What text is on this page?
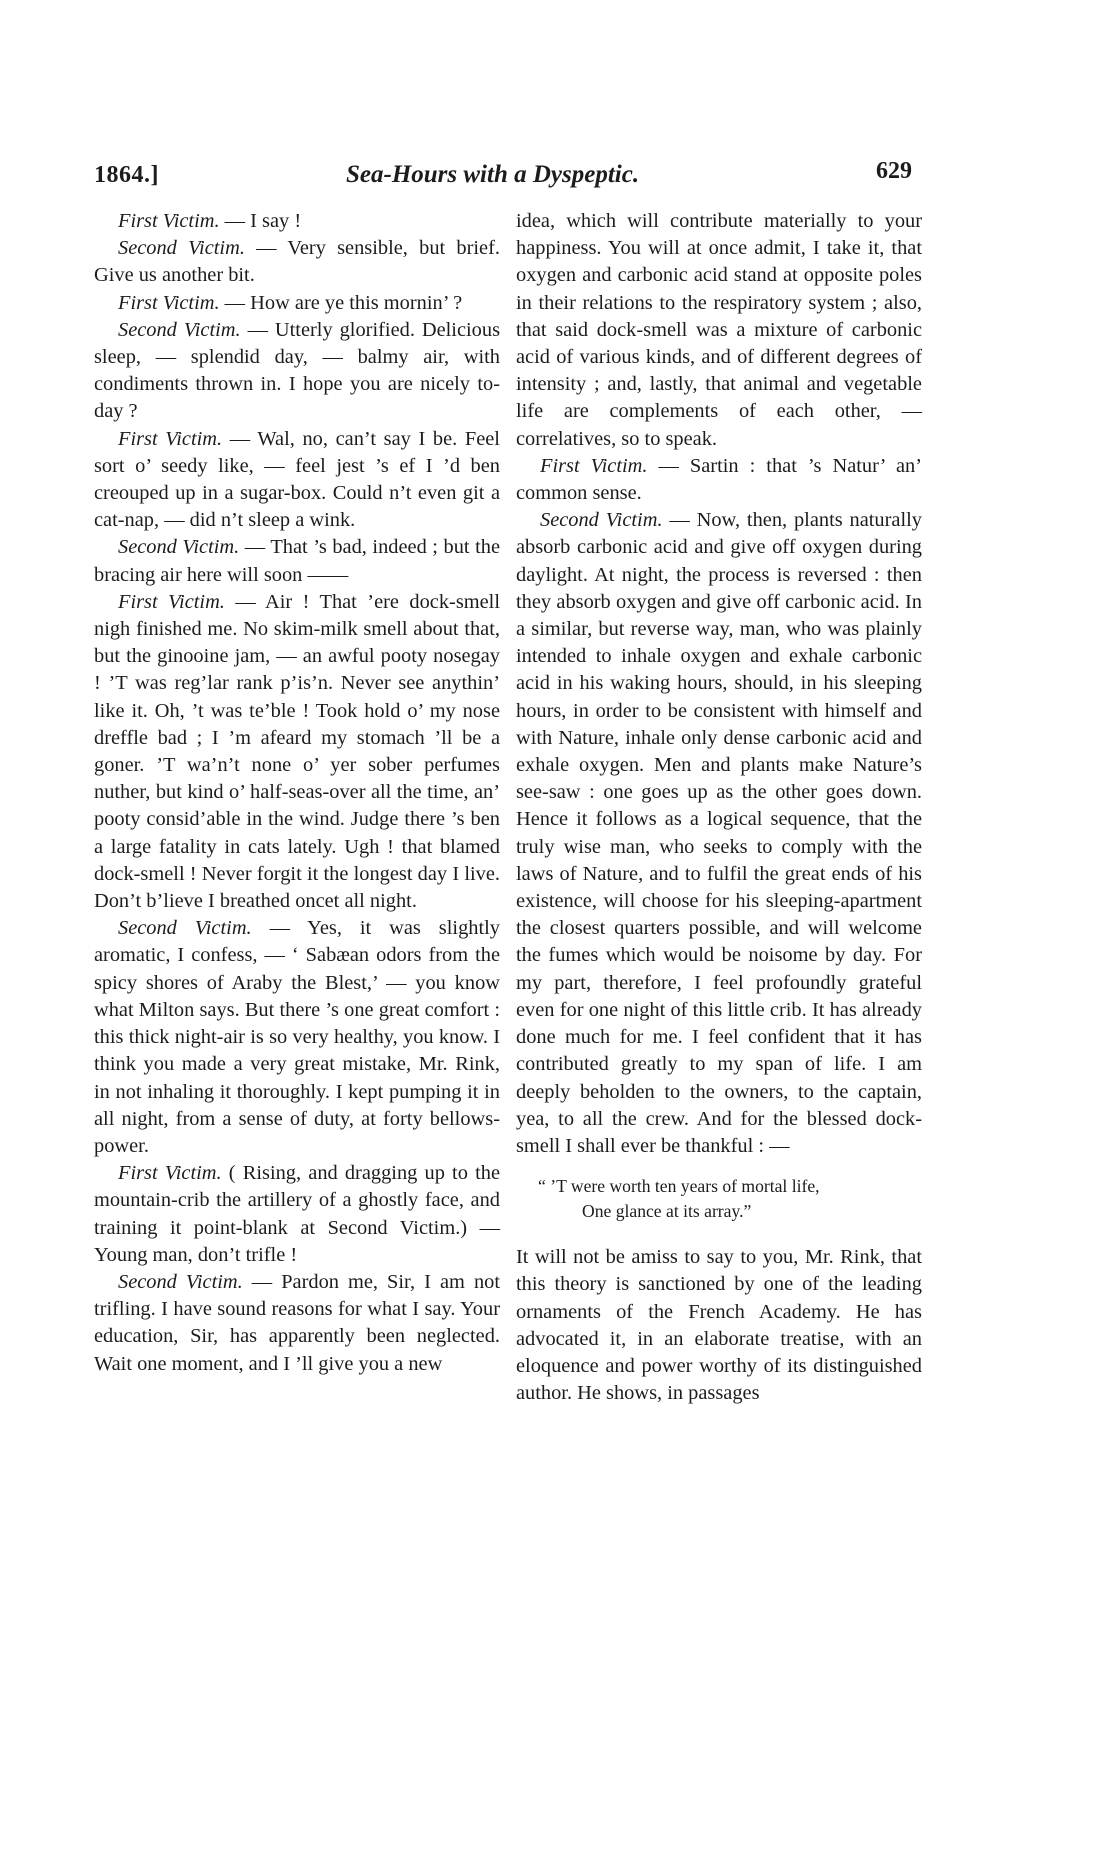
1864.]	Sea-Hours with a Dyspeptic.	629

First Victim. — I say !

Second Victim. — Very sensible, but brief. Give us another bit.

First Victim. — How are ye this mornin’ ?

Second Victim. — Utterly glorified. Delicious sleep, — splendid day, — balmy air, with condiments thrown in. I hope you are nicely to-day ?

First Victim. — Wal, no, can’t say I be. Feel sort o’ seedy like, — feel jest ’s ef I ’d ben creouped up in a sugar-box. Could n’t even git a cat-nap, — did n’t sleep a wink.

Second Victim. — That ’s bad, indeed ; but the bracing air here will soon ——

First Victim. — Air ! That ’ere dock-smell nigh finished me. No skim-milk smell about that, but the ginooine jam, — an awful pooty nosegay ! ’T was reg’lar rank p’is’n. Never see anythin’ like it. Oh, ’t was te’ble ! Took hold o’ my nose dreffle bad ; I ’m afeard my stomach ’ll be a goner. ’T wa’n’t none o’ yer sober perfumes nuther, but kind o’ half-seas-over all the time, an’ pooty consid’able in the wind. Judge there ’s ben a large fatality in cats lately. Ugh ! that blamed dock-smell ! Never forgit it the longest day I live. Don’t b’lieve I breathed oncet all night.

Second Victim. — Yes, it was slightly aromatic, I confess, — ‘ Sabæan odors from the spicy shores of Araby the Blest,’ — you know what Milton says. But there ’s one great comfort : this thick night-air is so very healthy, you know. I think you made a very great mistake, Mr. Rink, in not inhaling it thoroughly. I kept pumping it in all night, from a sense of duty, at forty bellows-power.

First Victim. ( Rising, and dragging up to the mountain-crib the artillery of a ghostly face, and training it point-blank at Second Victim.) — Young man, don’t trifle !

Second Victim. — Pardon me, Sir, I am not trifling. I have sound reasons for what I say. Your education, Sir, has apparently been neglected. Wait one moment, and I ’ll give you a new

idea, which will contribute materially to your happiness. You will at once admit, I take it, that oxygen and carbonic acid stand at opposite poles in their relations to the respiratory system ; also, that said dock-smell was a mixture of carbonic acid of various kinds, and of different degrees of intensity ; and, lastly, that animal and vegetable life are complements of each other, — correlatives, so to speak.

First Victim. — Sartin : that ’s Natur’ an’ common sense.

Second Victim. — Now, then, plants naturally absorb carbonic acid and give off oxygen during daylight. At night, the process is reversed : then they absorb oxygen and give off carbonic acid. In a similar, but reverse way, man, who was plainly intended to inhale oxygen and exhale carbonic acid in his waking hours, should, in his sleeping hours, in order to be consistent with himself and with Nature, inhale only dense carbonic acid and exhale oxygen. Men and plants make Nature’s see-saw : one goes up as the other goes down. Hence it follows as a logical sequence, that the truly wise man, who seeks to comply with the laws of Nature, and to fulfil the great ends of his existence, will choose for his sleeping-apartment the closest quarters possible, and will welcome the fumes which would be noisome by day. For my part, therefore, I feel profoundly grateful even for one night of this little crib. It has already done much for me. I feel confident that it has contributed greatly to my span of life. I am deeply beholden to the owners, to the captain, yea, to all the crew. And for the blessed dock-smell I shall ever be thankful : —

“ ’T were worth ten years of mortal life,
One glance at its array.”

It will not be amiss to say to you, Mr. Rink, that this theory is sanctioned by one of the leading ornaments of the French Academy. He has advocated it, in an elaborate treatise, with an eloquence and power worthy of its distinguished author. He shows, in passages
